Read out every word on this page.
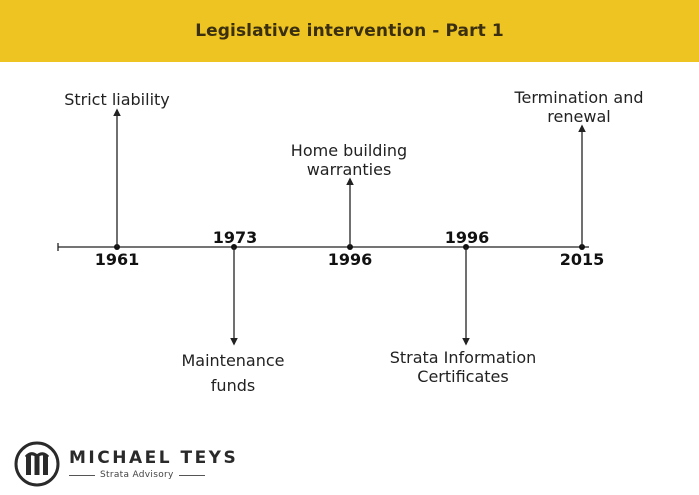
Legislative intervention - Part 1
Strict liability
Maintenance
funds
Home building
warranties
Strata Information
Certificates
Termination and
renewal
1961
1973
1996
1996
2015
MICHAEL TEYS
Strata Advisory
